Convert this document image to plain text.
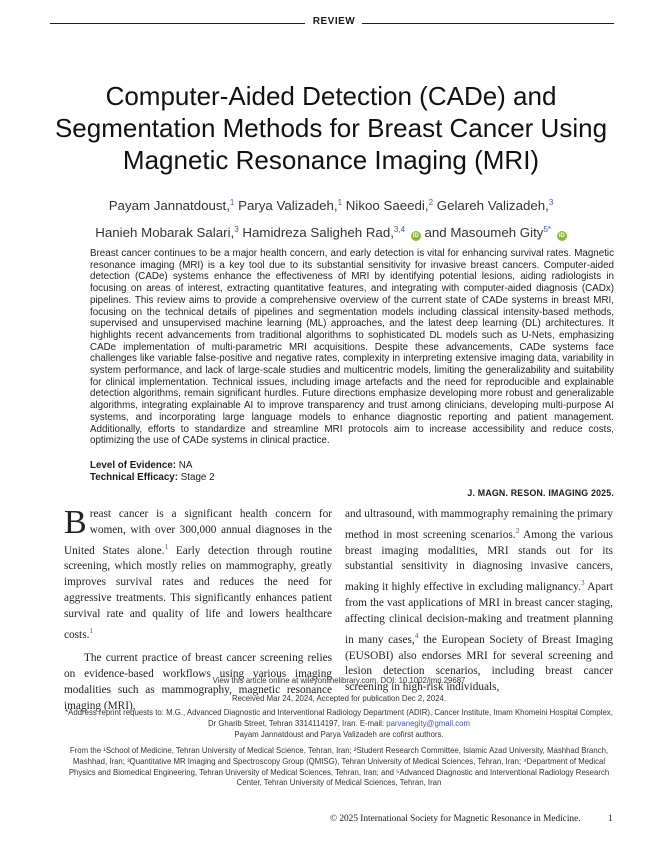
REVIEW
Computer-Aided Detection (CADe) and Segmentation Methods for Breast Cancer Using Magnetic Resonance Imaging (MRI)
Payam Jannatdoust,$^1$ Parya Valizadeh,$^1$ Nikoo Saeedi,$^2$ Gelareh Valizadeh,$^3$
Hanieh Mobarak Salari,$^3$ Hamidreza Saligheh Rad,$^{3,4}$ iD and Masoumeh Gity$^{5*}$ iD

Breast cancer continues to be a major health concern, and early detection is vital for enhancing survival rates. Magnetic resonance imaging (MRI) is a key tool due to its substantial sensitivity for invasive breast cancers. Computer-aided detection (CADe) systems enhance the effectiveness of MRI by identifying potential lesions, aiding radiologists in focusing on areas of interest, extracting quantitative features, and integrating with computer-aided diagnosis (CADx) pipelines. This review aims to provide a comprehensive overview of the current state of CADe systems in breast MRI, focusing on the technical details of pipelines and segmentation models including classical intensity-based methods, supervised and unsupervised machine learning (ML) approaches, and the latest deep learning (DL) architectures. It highlights recent advancements from traditional algorithms to sophisticated DL models such as U-Nets, emphasizing CADe implementation of multi-parametric MRI acquisitions. Despite these advancements, CADe systems face challenges like variable false-positive and negative rates, complexity in interpreting extensive imaging data, variability in system performance, and lack of large-scale studies and multicentric models, limiting the generalizability and suitability for clinical implementation. Technical issues, including image artefacts and the need for reproducible and explainable detection algorithms, remain significant hurdles. Future directions emphasize developing more robust and generalizable algorithms, integrating explainable AI to improve transparency and trust among clinicians, developing multi-purpose AI systems, and incorporating large language models to enhance diagnostic reporting and patient management. Additionally, efforts to standardize and streamline MRI protocols aim to increase accessibility and reduce costs, optimizing the use of CADe systems in clinical practice.

Level of Evidence: NA
Technical Efficacy: Stage 2
J. MAGN. RESON. IMAGING 2025.

Breast cancer is a significant health concern for women, with over 300,000 annual diagnoses in the United States alone.$^1$ Early detection through routine screening, which mostly relies on mammography, greatly improves survival rates and reduces the need for aggressive treatments. This significantly enhances patient survival rate and quality of life and lowers healthcare costs.$^1$

The current practice of breast cancer screening relies on evidence-based workflows using various imaging modalities such as mammography, magnetic resonance imaging (MRI),

and ultrasound, with mammography remaining the primary method in most screening scenarios.$^2$ Among the various breast imaging modalities, MRI stands out for its substantial sensitivity in diagnosing invasive cancers, making it highly effective in excluding malignancy.$^3$ Apart from the vast applications of MRI in breast cancer staging, affecting clinical decision-making and treatment planning in many cases,$^4$ the European Society of Breast Imaging (EUSOBI) also endorses MRI for several screening and lesion detection scenarios, including breast cancer screening in high-risk individuals,

View this article online at wileyonlinelibrary.com. DOI: 10.1002/jmri.29687
Received Mar 24, 2024, Accepted for publication Dec 2, 2024.
*Address reprint requests to: M.G., Advanced Diagnostic and Interventional Radiology Department (ADIR), Cancer Institute, Imam Khomeini Hospital Complex, Dr Gharib Street, Tehran 3314114197, Iran. E-mail: parvanegity@gmail.com
Payam Jannatdoust and Parya Valizadeh are cofirst authors.
From the ¹School of Medicine, Tehran University of Medical Science, Tehran, Iran; ²Student Research Committee, Islamic Azad University, Mashhad Branch, Mashhad, Iran; ³Quantitative MR Imaging and Spectroscopy Group (QMISG), Tehran University of Medical Sciences, Tehran, Iran; ⁴Department of Medical Physics and Biomedical Engineering, Tehran University of Medical Sciences, Tehran, Iran; and ⁵Advanced Diagnostic and Interventional Radiology Research Center, Tehran University of Medical Sciences, Tehran, Iran
© 2025 International Society for Magnetic Resonance in Medicine.	1
